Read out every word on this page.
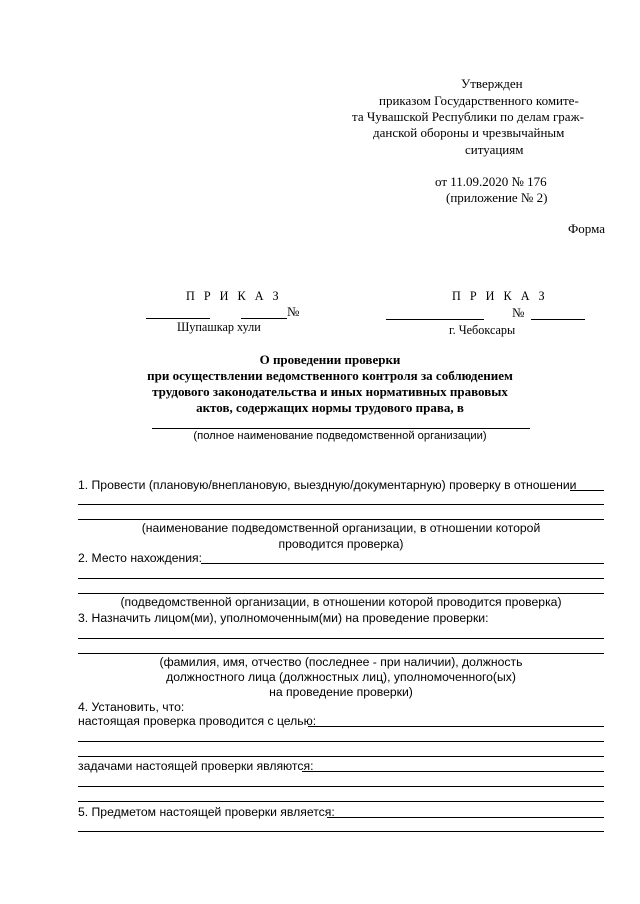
Утвержден
приказом Государственного комите-
та Чувашской Республики по делам граж-
данской обороны и чрезвычайным
ситуациям
от 11.09.2020 № 176
(приложение № 2)
Форма
П Р И К А З
№
Шупашкар хули
П Р И К А З
№
г. Чебоксары
О проведении проверки
при осуществлении ведомственного контроля за соблюдением
трудового законодательства и иных нормативных правовых
актов, содержащих нормы трудового права, в
(полное наименование подведомственной организации)
1. Провести (плановую/внеплановую, выездную/документарную) проверку в отношении
(наименование подведомственной организации, в отношении которой
проводится проверка)
2. Место нахождения:
(подведомственной организации, в отношении которой проводится проверка)
3. Назначить лицом(ми), уполномоченным(ми) на проведение проверки:
(фамилия, имя, отчество (последнее - при наличии), должность
должностного лица (должностных лиц), уполномоченного(ых)
на проведение проверки)
4. Установить, что:
настоящая проверка проводится с целью:
задачами настоящей проверки являются:
5. Предметом настоящей проверки является:
